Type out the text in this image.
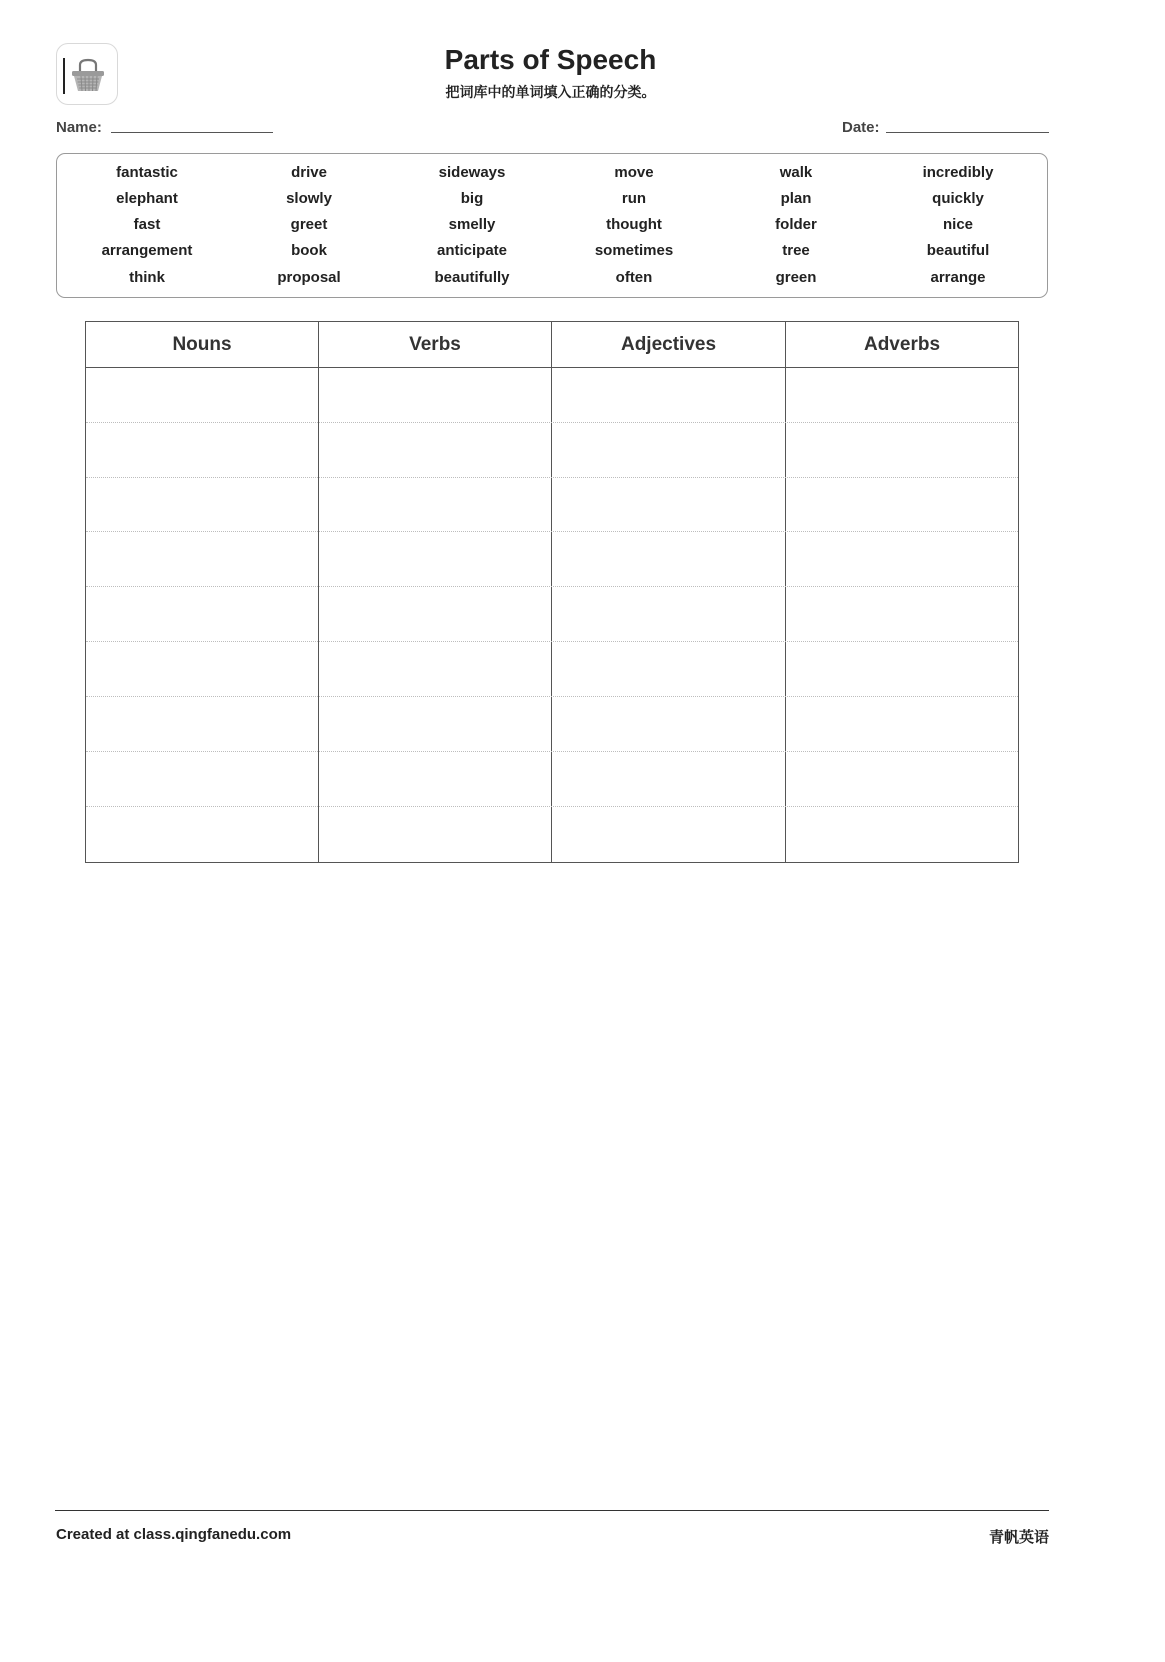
Parts of Speech
把词库中的单词填入正确的分类。
Name:	Date:
fantastic	drive	sideways	move	walk	incredibly
elephant	slowly	big	run	plan	quickly
fast	greet	smelly	thought	folder	nice
arrangement	book	anticipate	sometimes	tree	beautiful
think	proposal	beautifully	often	green	arrange
Nouns	Verbs	Adjectives	Adverbs
Created at class.qingfanedu.com	青帆英语
